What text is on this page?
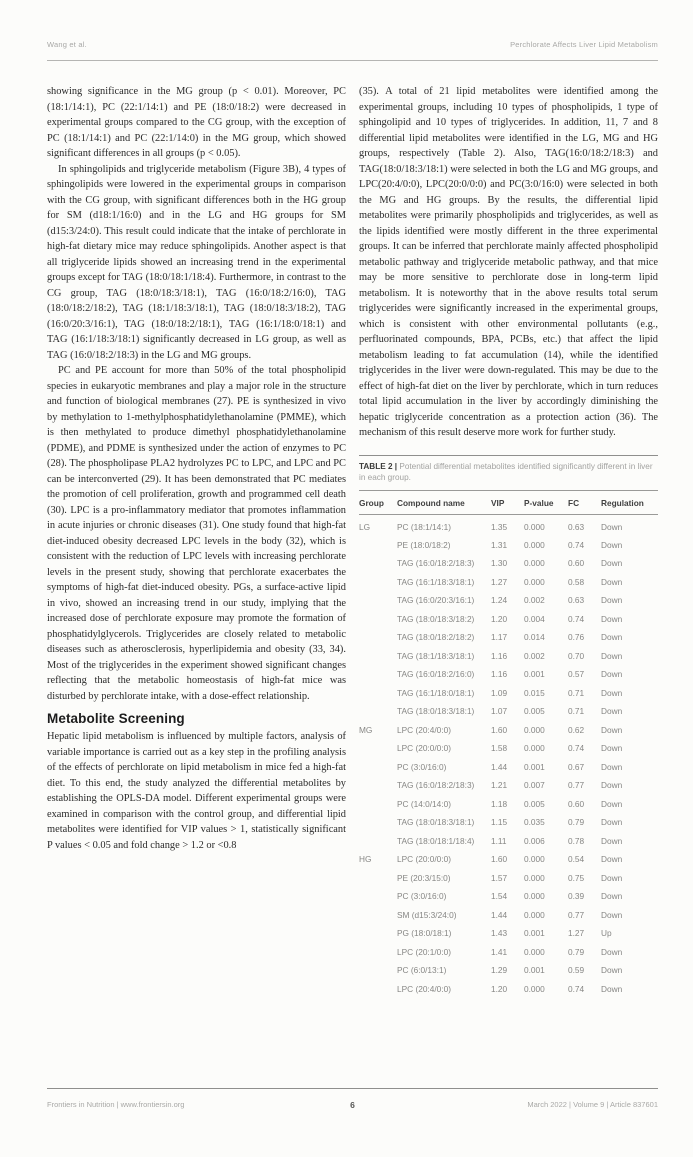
Wang et al.	Perchlorate Affects Liver Lipid Metabolism

showing significance in the MG group (p < 0.01). Moreover, PC (18:1/14:1), PC (22:1/14:1) and PE (18:0/18:2) were decreased in experimental groups compared to the CG group, with the exception of PC (18:1/14:1) and PC (22:1/14:0) in the MG group, which showed significant differences in all groups (p < 0.05).

In sphingolipids and triglyceride metabolism (Figure 3B), 4 types of sphingolipids were lowered in the experimental groups in comparison with the CG group, with significant differences both in the HG group for SM (d18:1/16:0) and in the LG and HG groups for SM (d15:3/24:0). This result could indicate that the intake of perchlorate in high-fat dietary mice may reduce sphingolipids. Another aspect is that all triglyceride lipids showed an increasing trend in the experimental groups except for TAG (18:0/18:1/18:4). Furthermore, in contrast to the CG group, TAG (18:0/18:3/18:1), TAG (16:0/18:2/16:0), TAG (18:0/18:2/18:2), TAG (18:1/18:3/18:1), TAG (18:0/18:3/18:2), TAG (16:0/20:3/16:1), TAG (18:0/18:2/18:1), TAG (16:1/18:0/18:1) and TAG (16:1/18:3/18:1) significantly decreased in LG group, as well as TAG (16:0/18:2/18:3) in the LG and MG groups.

PC and PE account for more than 50% of the total phospholipid species in eukaryotic membranes and play a major role in the structure and function of biological membranes (27). PE is synthesized in vivo by methylation to 1-methylphosphatidylethanolamine (PMME), which is then methylated to produce dimethyl phosphatidylethanolamine (PDME), and PDME is synthesized under the action of enzymes to PC (28). The phospholipase PLA2 hydrolyzes PC to LPC, and LPC and PC can be interconverted (29). It has been demonstrated that PC mediates the promotion of cell proliferation, growth and programmed cell death (30). LPC is a pro-inflammatory mediator that promotes inflammation in acute injuries or chronic diseases (31). One study found that high-fat diet-induced obesity decreased LPC levels in the body (32), which is consistent with the reduction of LPC levels with increasing perchlorate levels in the present study, showing that perchlorate exacerbates the symptoms of high-fat diet-induced obesity. PGs, a surface-active lipid in vivo, showed an increasing trend in our study, implying that the increased dose of perchlorate exposure may promote the formation of phosphatidylglycerols. Triglycerides are closely related to metabolic diseases such as atherosclerosis, hyperlipidemia and obesity (33, 34). Most of the triglycerides in the experiment showed significant changes reflecting that the metabolic homeostasis of high-fat mice was disturbed by perchlorate intake, with a dose-effect relationship.

Metabolite Screening

Hepatic lipid metabolism is influenced by multiple factors, analysis of variable importance is carried out as a key step in the profiling analysis of the effects of perchlorate on lipid metabolism in mice fed a high-fat diet. To this end, the study analyzed the differential metabolites by establishing the OPLS-DA model. Different experimental groups were examined in comparison with the control group, and differential lipid metabolites were identified for VIP values > 1, statistically significant P values < 0.05 and fold change > 1.2 or <0.8

(35). A total of 21 lipid metabolites were identified among the experimental groups, including 10 types of phospholipids, 1 type of sphingolipid and 10 types of triglycerides. In addition, 11, 7 and 8 differential lipid metabolites were identified in the LG, MG and HG groups, respectively (Table 2). Also, TAG(16:0/18:2/18:3) and TAG(18:0/18:3/18:1) were selected in both the LG and MG groups, and LPC(20:4/0:0), LPC(20:0/0:0) and PC(3:0/16:0) were selected in both the MG and HG groups. By the results, the differential lipid metabolites were primarily phospholipids and triglycerides, as well as the lipids identified were mostly different in the three experimental groups. It can be inferred that perchlorate mainly affected phospholipid metabolic pathway and triglyceride metabolic pathway, and that mice may be more sensitive to perchlorate dose in long-term lipid metabolism. It is noteworthy that in the above results total serum triglycerides were significantly increased in the experimental groups, which is consistent with other environmental pollutants (e.g., perfluorinated compounds, BPA, PCBs, etc.) that affect the lipid metabolism leading to fat accumulation (14), while the identified triglycerides in the liver were down-regulated. This may be due to the effect of high-fat diet on the liver by perchlorate, which in turn reduces total lipid accumulation in the liver by accordingly diminishing the hepatic triglyceride concentration as a protection action (36). The mechanism of this result deserve more work for further study.

TABLE 2 | Potential differential metabolites identified significantly different in liver in each group.
Group	Compound name	VIP	P-value	FC	Regulation
LG	PC (18:1/14:1)	1.35	0.000	0.63	Down
	PE (18:0/18:2)	1.31	0.000	0.74	Down
	TAG (16:0/18:2/18:3)	1.30	0.000	0.60	Down
	TAG (16:1/18:3/18:1)	1.27	0.000	0.58	Down
	TAG (16:0/20:3/16:1)	1.24	0.002	0.63	Down
	TAG (18:0/18:3/18:2)	1.20	0.004	0.74	Down
	TAG (18:0/18:2/18:2)	1.17	0.014	0.76	Down
	TAG (18:1/18:3/18:1)	1.16	0.002	0.70	Down
	TAG (16:0/18:2/16:0)	1.16	0.001	0.57	Down
	TAG (16:1/18:0/18:1)	1.09	0.015	0.71	Down
	TAG (18:0/18:3/18:1)	1.07	0.005	0.71	Down
MG	LPC (20:4/0:0)	1.60	0.000	0.62	Down
	LPC (20:0/0:0)	1.58	0.000	0.74	Down
	PC (3:0/16:0)	1.44	0.001	0.67	Down
	TAG (16:0/18:2/18:3)	1.21	0.007	0.77	Down
	PC (14:0/14:0)	1.18	0.005	0.60	Down
	TAG (18:0/18:3/18:1)	1.15	0.035	0.79	Down
	TAG (18:0/18:1/18:4)	1.11	0.006	0.78	Down
HG	LPC (20:0/0:0)	1.60	0.000	0.54	Down
	PE (20:3/15:0)	1.57	0.000	0.75	Down
	PC (3:0/16:0)	1.54	0.000	0.39	Down
	SM (d15:3/24:0)	1.44	0.000	0.77	Down
	PG (18:0/18:1)	1.43	0.001	1.27	Up
	LPC (20:1/0:0)	1.41	0.000	0.79	Down
	PC (6:0/13:1)	1.29	0.001	0.59	Down
	LPC (20:4/0:0)	1.20	0.000	0.74	Down
Frontiers in Nutrition | www.frontiersin.org	6	March 2022 | Volume 9 | Article 837601
